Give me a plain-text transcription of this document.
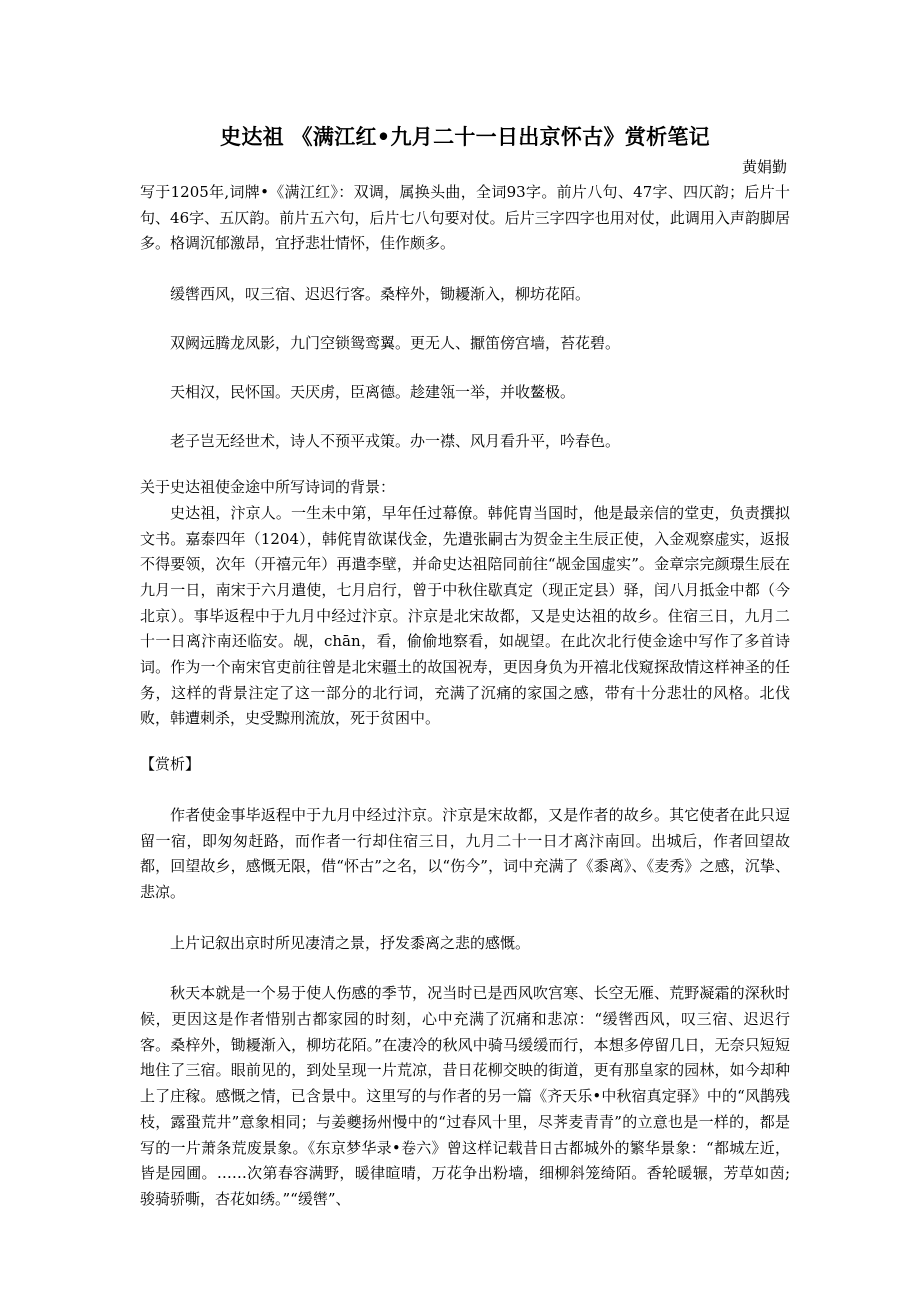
史达祖 《满江红•九月二十一日出京怀古》赏析笔记
黄娟勤

写于1205年,词牌•《满江红》：双调，属换头曲，全词93字。前片八句、47字、四仄韵；后片十句、46字、五仄韵。前片五六句，后片七八句要对仗。后片三字四字也用对仗，此调用入声韵脚居多。格调沉郁激昂，宜抒悲壮情怀，佳作颇多。

缓辔西风，叹三宿、迟迟行客。桑梓外，锄耰渐入，柳坊花陌。

双阙远腾龙凤影，九门空锁鸳鸾翼。更无人、擫笛傍宫墙，苔花碧。

天相汉，民怀国。天厌虏，臣离德。趁建瓴一举，并收鳌极。

老子岂无经世术，诗人不预平戎策。办一襟、风月看升平，吟春色。

关于史达祖使金途中所写诗词的背景：

史达祖，汴京人。一生未中第，早年任过幕僚。韩侂胄当国时，他是最亲信的堂吏，负责撰拟文书。嘉泰四年（1204），韩侂胄欲谋伐金，先遣张嗣古为贺金主生辰正使，入金观察虚实，返报不得要领，次年（开禧元年）再遣李壁，并命史达祖陪同前往“觇金国虚实”。金章宗完颜璟生辰在九月一日，南宋于六月遣使，七月启行，曾于中秋住歇真定（现正定县）驿，闰八月抵金中都（今北京）。事毕返程中于九月中经过汴京。汴京是北宋故都，又是史达祖的故乡。住宿三日，九月二十一日离汴南还临安。觇，chān，看，偷偷地察看，如觇望。在此次北行使金途中写作了多首诗词。作为一个南宋官吏前往曾是北宋疆土的故国祝寿，更因身负为开禧北伐窥探敌情这样神圣的任务，这样的背景注定了这一部分的北行词，充满了沉痛的家国之感，带有十分悲壮的风格。北伐败，韩遭刺杀，史受黥刑流放，死于贫困中。

【赏析】

作者使金事毕返程中于九月中经过汴京。汴京是宋故都，又是作者的故乡。其它使者在此只逗留一宿，即匆匆赶路，而作者一行却住宿三日，九月二十一日才离汴南回。出城后，作者回望故都，回望故乡，感慨无限，借“怀古”之名，以“伤今”，词中充满了《黍离》、《麦秀》之感，沉挚、悲凉。

上片记叙出京时所见凄清之景，抒发黍离之悲的感慨。

秋天本就是一个易于使人伤感的季节，况当时已是西风吹宫寒、长空无雁、荒野凝霜的深秋时候，更因这是作者惜别古都家园的时刻，心中充满了沉痛和悲凉：“缓辔西风，叹三宿、迟迟行客。桑梓外，锄耰渐入，柳坊花陌。”在凄冷的秋风中骑马缓缓而行，本想多停留几日，无奈只短短地住了三宿。眼前见的，到处呈现一片荒凉，昔日花柳交映的街道，更有那皇家的园林，如今却种上了庄稼。感慨之情，已含景中。这里写的与作者的另一篇《齐天乐•中秋宿真定驿》中的“风鹊残枝，露蛩荒井”意象相同；与姜夔扬州慢中的“过春风十里，尽荠麦青青”的立意也是一样的，都是写的一片萧条荒废景象。《东京梦华录•卷六》曾这样记载昔日古都城外的繁华景象：“都城左近，皆是园圃。……次第春容满野，暖律暄晴，万花争出粉墙，细柳斜笼绮陌。香轮暖辗，芳草如茵;骏骑骄嘶，杏花如绣。”“缓辔”、
